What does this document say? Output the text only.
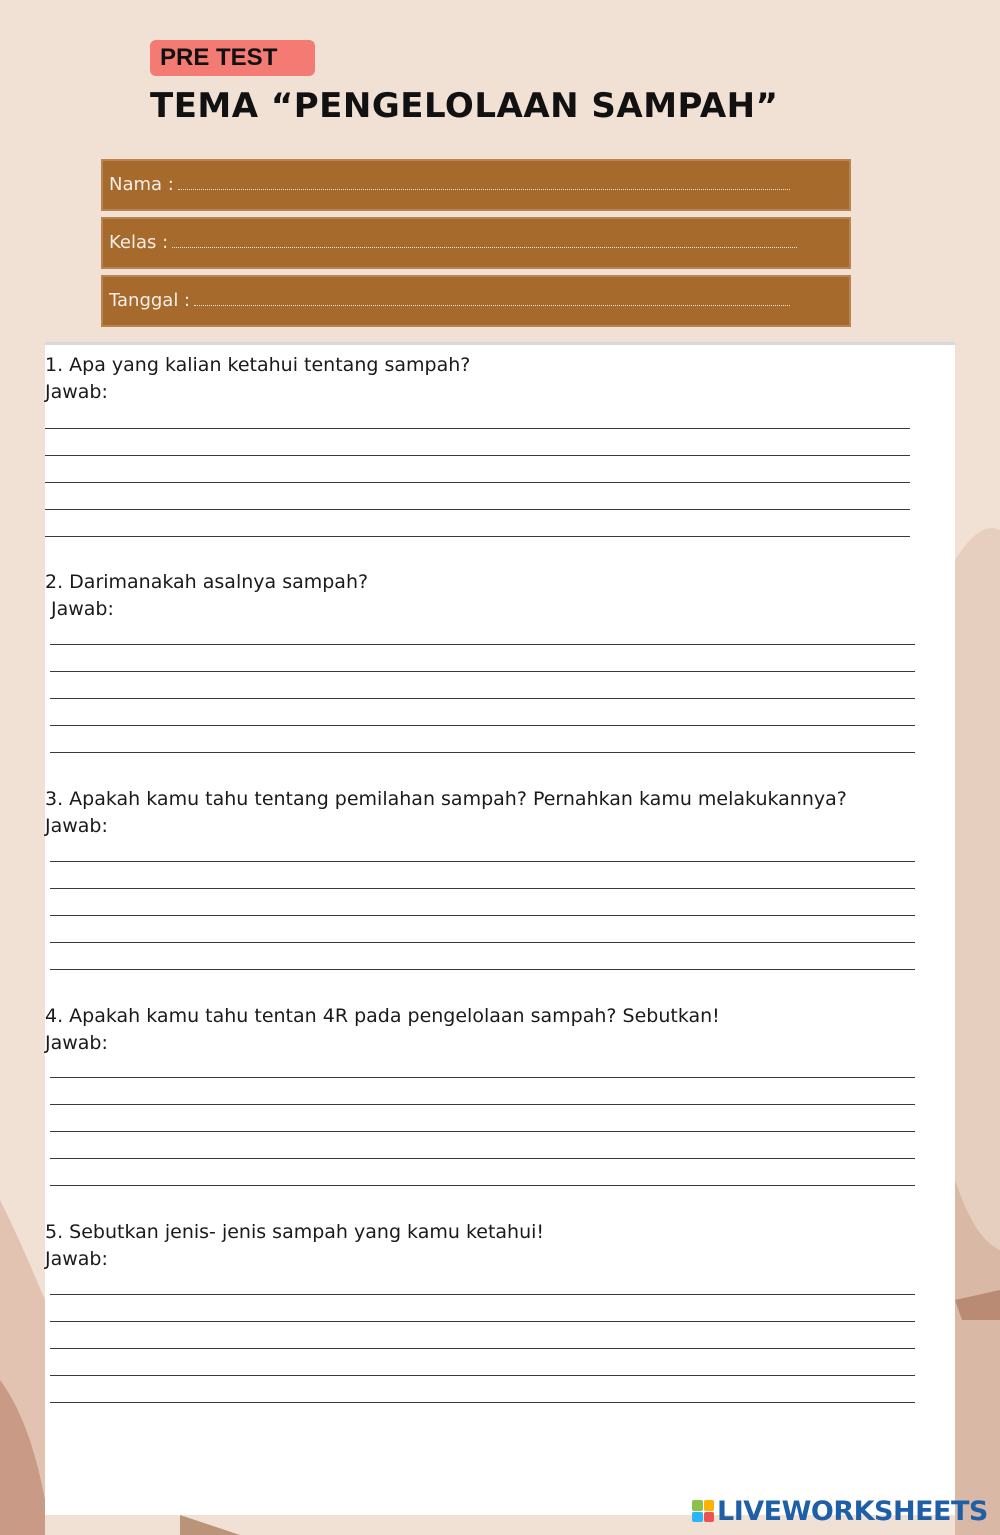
PRE TEST
TEMA “PENGELOLAAN SAMPAH”
Nama :
Kelas :
Tanggal :
1. Apa yang kalian ketahui tentang sampah?
Jawab:
2. Darimanakah asalnya sampah?
Jawab:
3. Apakah kamu tahu tentang pemilahan sampah? Pernahkan kamu melakukannya?
Jawab:
4. Apakah kamu tahu tentan 4R pada pengelolaan sampah? Sebutkan!
Jawab:
5. Sebutkan jenis- jenis sampah yang kamu ketahui!
Jawab:
LIVEWORKSHEETS
